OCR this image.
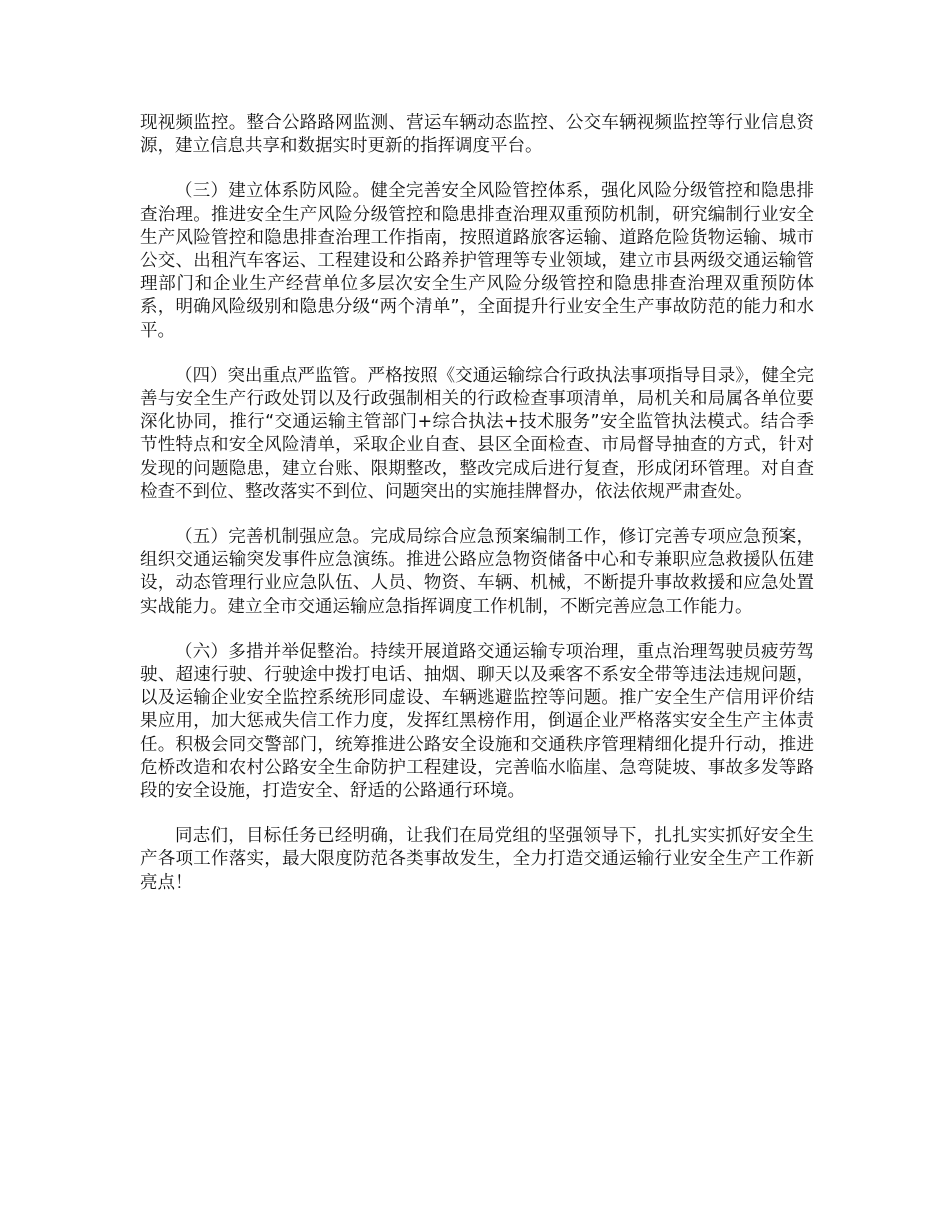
现视频监控。整合公路路网监测、营运车辆动态监控、公交车辆视频监控等行业信息资源，建立信息共享和数据实时更新的指挥调度平台。

（三）建立体系防风险。健全完善安全风险管控体系，强化风险分级管控和隐患排查治理。推进安全生产风险分级管控和隐患排查治理双重预防机制，研究编制行业安全生产风险管控和隐患排查治理工作指南，按照道路旅客运输、道路危险货物运输、城市公交、出租汽车客运、工程建设和公路养护管理等专业领域，建立市县两级交通运输管理部门和企业生产经营单位多层次安全生产风险分级管控和隐患排查治理双重预防体系，明确风险级别和隐患分级“两个清单”，全面提升行业安全生产事故防范的能力和水平。

（四）突出重点严监管。严格按照《交通运输综合行政执法事项指导目录》，健全完善与安全生产行政处罚以及行政强制相关的行政检查事项清单，局机关和局属各单位要深化协同，推行“交通运输主管部门+综合执法+技术服务”安全监管执法模式。结合季节性特点和安全风险清单，采取企业自查、县区全面检查、市局督导抽查的方式，针对发现的问题隐患，建立台账、限期整改，整改完成后进行复查，形成闭环管理。对自查检查不到位、整改落实不到位、问题突出的实施挂牌督办，依法依规严肃查处。

（五）完善机制强应急。完成局综合应急预案编制工作，修订完善专项应急预案，组织交通运输突发事件应急演练。推进公路应急物资储备中心和专兼职应急救援队伍建设，动态管理行业应急队伍、人员、物资、车辆、机械，不断提升事故救援和应急处置实战能力。建立全市交通运输应急指挥调度工作机制，不断完善应急工作能力。

（六）多措并举促整治。持续开展道路交通运输专项治理，重点治理驾驶员疲劳驾驶、超速行驶、行驶途中拨打电话、抽烟、聊天以及乘客不系安全带等违法违规问题，以及运输企业安全监控系统形同虚设、车辆逃避监控等问题。推广安全生产信用评价结果应用，加大惩戒失信工作力度，发挥红黑榜作用，倒逼企业严格落实安全生产主体责任。积极会同交警部门，统筹推进公路安全设施和交通秩序管理精细化提升行动，推进危桥改造和农村公路安全生命防护工程建设，完善临水临崖、急弯陡坡、事故多发等路段的安全设施，打造安全、舒适的公路通行环境。

同志们，目标任务已经明确，让我们在局党组的坚强领导下，扎扎实实抓好安全生产各项工作落实，最大限度防范各类事故发生，全力打造交通运输行业安全生产工作新亮点！
